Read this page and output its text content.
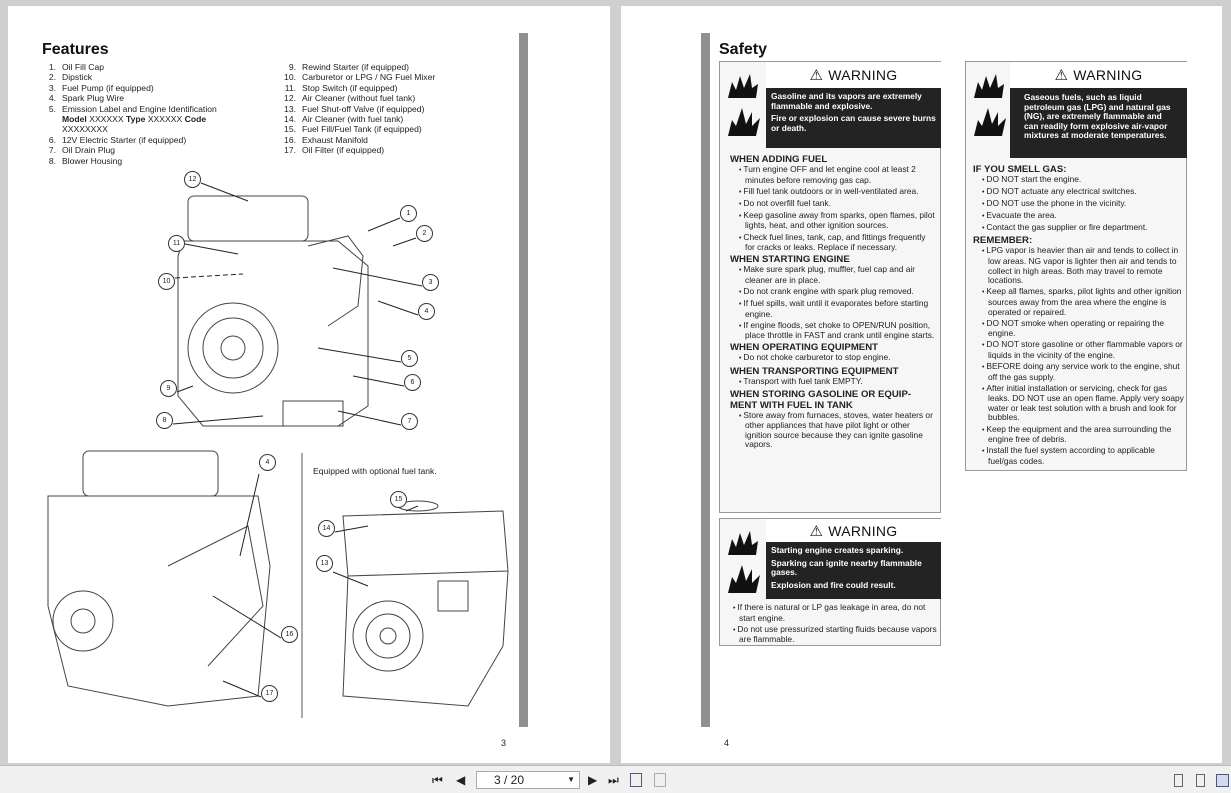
Features
1. Oil Fill Cap
2. Dipstick
3. Fuel Pump (if equipped)
4. Spark Plug Wire
5. Emission Label and Engine Identification
Model XXXXXX Type XXXXXX Code
XXXXXXXX
6. 12V Electric Starter (if equipped)
7. Oil Drain Plug
8. Blower Housing
9. Rewind Starter (if equipped)
10. Carburetor or LPG / NG Fuel Mixer
11. Stop Switch (if equipped)
12. Air Cleaner (without fuel tank)
13. Fuel Shut-off Valve (if equipped)
14. Air Cleaner (with fuel tank)
15. Fuel Fill/Fuel Tank (if equipped)
16. Exhaust Manifold
17. Oil Filter (if equipped)
12
11
10
1
2
3
4
5
6
9
8	7
4
16
17
15
14
13
Equipped with optional fuel tank.
3
Safety
⚠ WARNING

Gasoline and its vapors are extremely flammable and explosive.

Fire or explosion can cause severe burns or death.

WHEN ADDING FUEL
• Turn engine OFF and let engine cool at least 2 minutes before removing gas cap.
• Fill fuel tank outdoors or in well-ventilated area.
• Do not overfill fuel tank.
• Keep gasoline away from sparks, open flames, pilot lights, heat, and other ignition sources.
• Check fuel lines, tank, cap, and fittings frequently for cracks or leaks. Replace if necessary.
WHEN STARTING ENGINE
• Make sure spark plug, muffler, fuel cap and air cleaner are in place.
• Do not crank engine with spark plug removed.
• If fuel spills, wait until it evaporates before starting engine.
• If engine floods, set choke to OPEN/RUN position, place throttle in FAST and crank until engine starts.
WHEN OPERATING EQUIPMENT
• Do not choke carburetor to stop engine.
WHEN TRANSPORTING EQUIPMENT
• Transport with fuel tank EMPTY.
WHEN STORING GASOLINE OR EQUIP-MENT WITH FUEL IN TANK
• Store away from furnaces, stoves, water heaters or other appliances that have pilot light or other ignition source because they can ignite gasoline vapors.
⚠ WARNING

Starting engine creates sparking.

Sparking can ignite nearby flammable gases.

Explosion and fire could result.

• If there is natural or LP gas leakage in area, do not start engine.
• Do not use pressurized starting fluids because vapors are flammable.
⚠ WARNING

Gaseous fuels, such as liquid petroleum gas (LPG) and natural gas (NG), are extremely flammable and can readily form explosive air-vapor mixtures at moderate temperatures.

IF YOU SMELL GAS:
• DO NOT start the engine.
• DO NOT actuate any electrical switches.
• DO NOT use the phone in the vicinity.
• Evacuate the area.
• Contact the gas supplier or fire department.
REMEMBER:
• LPG vapor is heavier than air and tends to collect in low areas. NG vapor is lighter then air and tends to collect in high areas. Both may travel to remote locations.
• Keep all flames, sparks, pilot lights and other ignition sources away from the area where the engine is operated or repaired.
• DO NOT smoke when operating or repairing the engine.
• DO NOT store gasoline or other flammable vapors or liquids in the vicinity of the engine.
• BEFORE doing any service work to the engine, shut off the gas supply.
• After initial installation or servicing, check for gas leaks. DO NOT use an open flame. Apply very soapy water or leak test solution with a brush and look for bubbles.
• Keep the equipment and the area surrounding the engine free of debris.
• Install the fuel system according to applicable fuel/gas codes.
4
⏮ ◀	3 / 20	▼ ▶ ⏭
